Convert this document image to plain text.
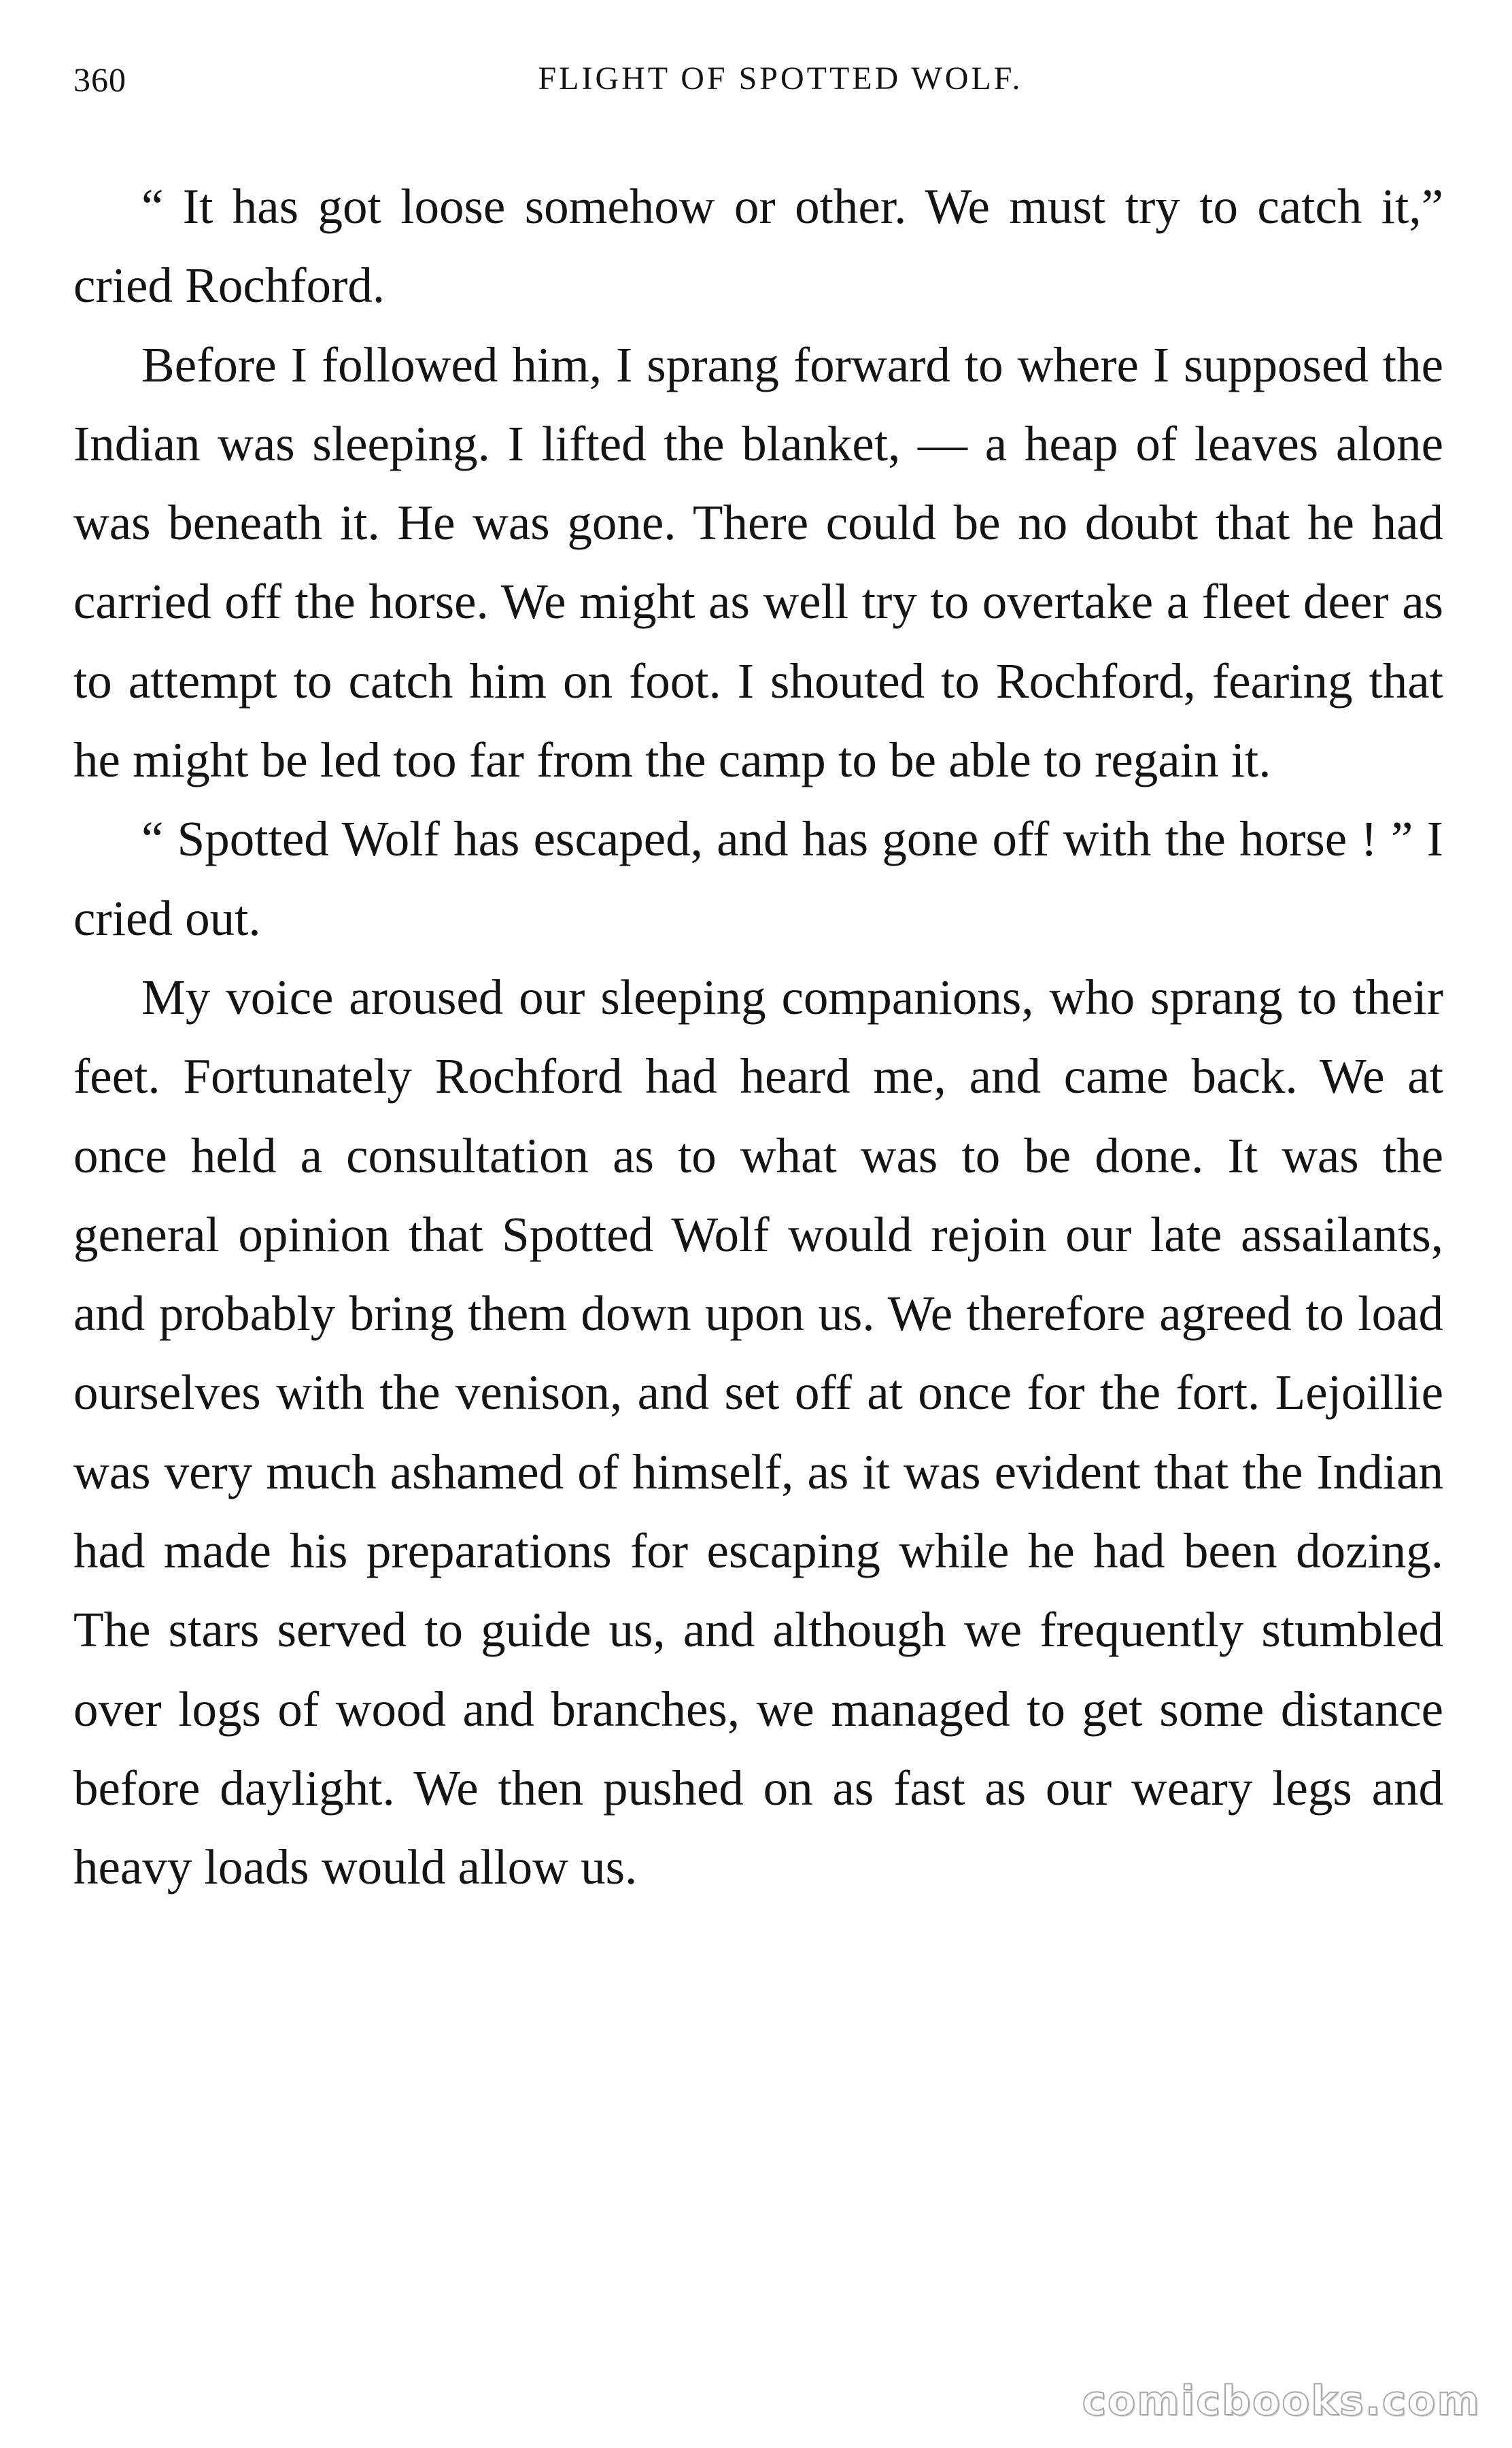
360	FLIGHT OF SPOTTED WOLF.

“ It has got loose somehow or other. We must try to catch it,” cried Rochford.

Before I followed him, I sprang forward to where I supposed the Indian was sleeping. I lifted the blanket, — a heap of leaves alone was beneath it. He was gone. There could be no doubt that he had carried off the horse. We might as well try to overtake a fleet deer as to attempt to catch him on foot. I shouted to Rochford, fearing that he might be led too far from the camp to be able to regain it.

“ Spotted Wolf has escaped, and has gone off with the horse ! ” I cried out.

My voice aroused our sleeping companions, who sprang to their feet. Fortunately Rochford had heard me, and came back. We at once held a consultation as to what was to be done. It was the general opinion that Spotted Wolf would rejoin our late assailants, and probably bring them down upon us. We therefore agreed to load ourselves with the venison, and set off at once for the fort. Lejoillie was very much ashamed of himself, as it was evident that the Indian had made his preparations for escaping while he had been dozing. The stars served to guide us, and although we frequently stumbled over logs of wood and branches, we managed to get some distance before daylight. We then pushed on as fast as our weary legs and heavy loads would allow us.

comicbooks.com
